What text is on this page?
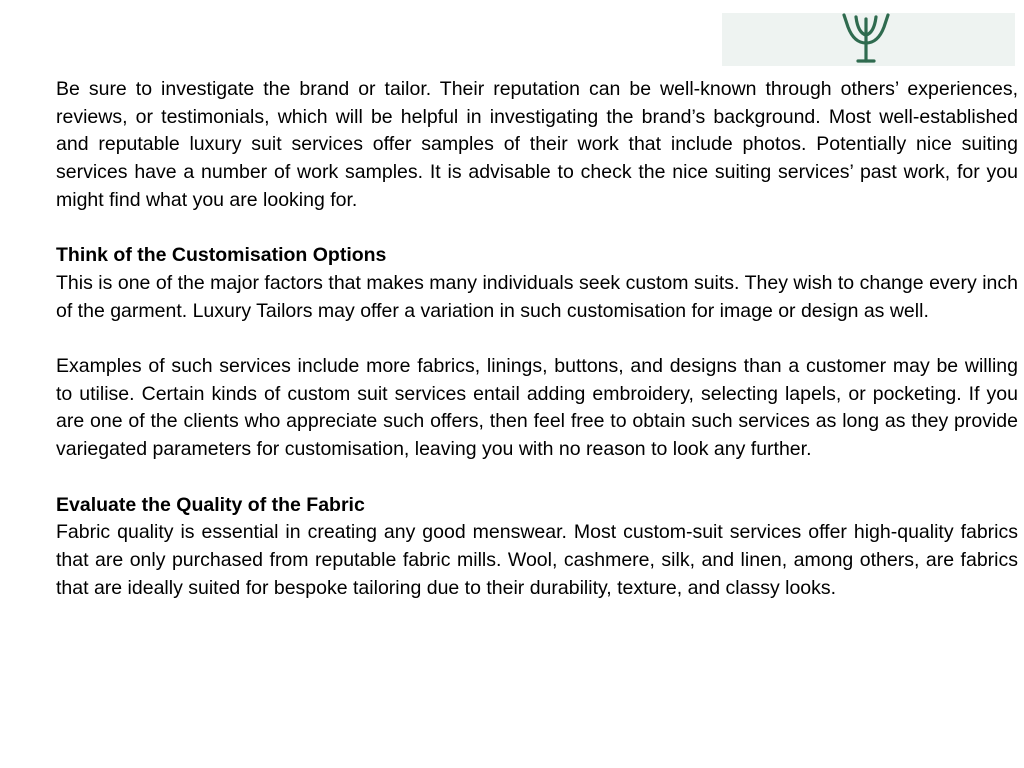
Be sure to investigate the brand or tailor. Their reputation can be well-known through others’ experiences, reviews, or testimonials, which will be helpful in investigating the brand’s background. Most well-established and reputable luxury suit services offer samples of their work that include photos. Potentially nice suiting services have a number of work samples. It is advisable to check the nice suiting services’ past work, for you might find what you are looking for.

Think of the Customisation Options

This is one of the major factors that makes many individuals seek custom suits. They wish to change every inch of the garment. Luxury Tailors may offer a variation in such customisation for image or design as well.

Examples of such services include more fabrics, linings, buttons, and designs than a customer may be willing to utilise. Certain kinds of custom suit services entail adding embroidery, selecting lapels, or pocketing. If you are one of the clients who appreciate such offers, then feel free to obtain such services as long as they provide variegated parameters for customisation, leaving you with no reason to look any further.

Evaluate the Quality of the Fabric

Fabric quality is essential in creating any good menswear. Most custom-suit services offer high-quality fabrics that are only purchased from reputable fabric mills. Wool, cashmere, silk, and linen, among others, are fabrics that are ideally suited for bespoke tailoring due to their durability, texture, and classy looks.
